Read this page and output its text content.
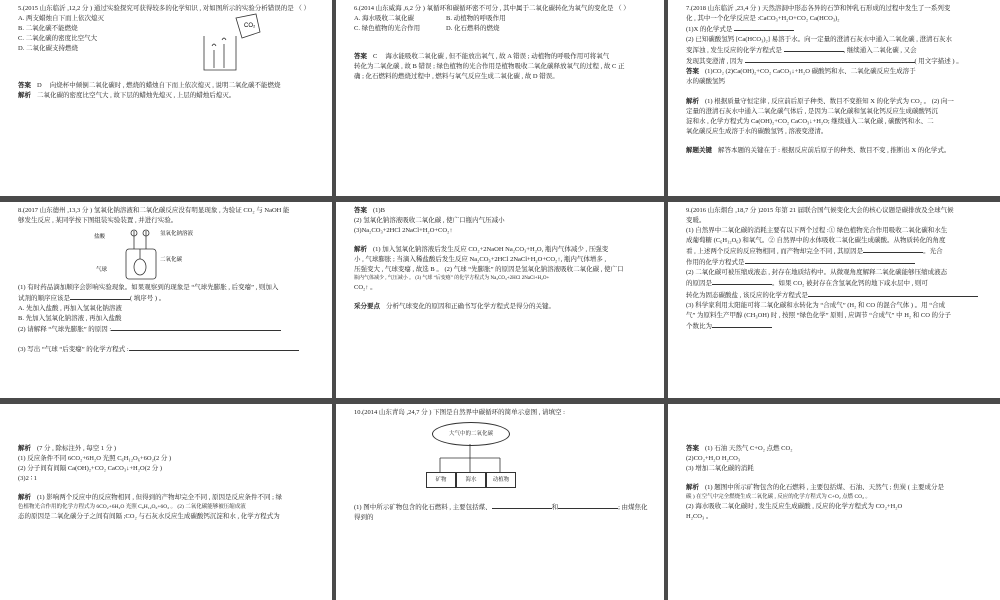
5.(2015 山东临沂 ,12,2 分 ) 通过实验探究可获得较多的化学知识 , 对如图所示的实验分析错误的是 （ ）

A. 两支蜡烛自下而上依次熄灭

B. 二氧化碳不能燃烧

C. 二氧化碳的密度比空气大

D. 二氧化碳支持燃烧

CO₂

答案 D 向烧杯中倾倒二氧化碳时 , 燃烧的蜡烛自下而上依次熄灭 , 说明二氧化碳不能燃烧

解析 二氧化碳的密度比空气大 , 故下层的蜡烛先熄灭 , 上层的蜡烛后熄灭。

6.(2014 山东威海 ,6,2 分 ) 氧循环和碳循环密不可分 , 其中属于二氧化碳转化为氧气的变化是 （ ）

A. 海水吸收二氧化碳	B. 动植物的呼吸作用

C. 绿色植物的光合作用	D. 化石燃料的燃烧

答案 C 海水能吸收二氧化碳 , 但不能放出氧气 , 故 A 错误 ; 动植物的呼吸作用可将氧气

转化为二氧化碳 , 故 B 错误 ; 绿色植物的光合作用是植物吸收二氧化碳释放氧气的过程 , 故 C 正

确 ; 化石燃料的燃烧过程中 , 燃料与氧气反应生成二氧化碳 , 故 D 错误。

7.(2018 山东临沂 ,23,4 分 ) 天然溶洞中形态各异的石笋和钟乳石形成的过程中发生了一系列变

化 , 其中一个化学反应是 :CaCO₃+H₂O+CO₂ Ca(HCO₃)₂

(1)X 的化学式是

(2) 已知碳酸氢钙 [Ca(HCO₃)₂] 易溶于水。向一定量的澄清石灰水中通入二氧化碳 , 澄清石灰水

变浑浊 , 发生反应的化学方程式是	, 继续通入二氧化碳 , 又会

发现其变澄清 , 因为	( 用文字描述 ) 。

答案 (1)CO₂ (2)Ca(OH)₂+CO₂ CaCO₃↓+H₂O 碳酸钙和水、二氧化碳反应生成溶于

水的碳酸氢钙

解析 (1) 根据质量守恒定律 , 反应前后原子种类、数目不变推知 X 的化学式为 CO₂ 。 (2) 向一

定量的澄清石灰水中通入二氧化碳气体后 , 是因为二氧化碳和氢氧化钙反应生成碳酸钙沉

淀和水 , 化学方程式为 Ca(OH)₂+CO₂ CaCO₃↓+H₂O; 继续通入二氧化碳 , 碳酸钙和水、二

氧化碳反应生成溶于水的碳酸氢钙 , 溶液变澄清。

解题关键 解答本题的关键在于 : 根据反应前后原子的种类、数目不变 , 推断出 X 的化学式。

8.(2017 山东德州 ,13,3 分 ) 氢氧化钠溶液和二氧化碳反应没有明显现象 , 为验证 CO₂ 与 NaOH 能

够发生反应 , 某同学按下图组装实验装置 , 并进行实验。

盐酸	氢氧化钠溶液
气球
二氧化碳

(1) 有时药品滴加顺序会影响实验现象。如果观察到的现象是 “气球先膨胀 , 后变瘪” , 则加入

试剂的顺序应该是	( 填序号 ) 。

A. 先加入盐酸 , 再加入氢氧化钠溶液

B. 先加入氢氧化钠溶液 , 再加入盐酸

(2) 请解释 “气球先膨胀” 的原因 :

(3) 写出 “气球 “后变瘪” 的化学方程式 :

答案 (1)B

(2) 氢氧化钠溶液吸收二氧化碳 , 使广口瓶内气压减小

(3)Na₂CO₃+2HCl 2NaCl+H₂O+CO₂↑

解析 (1) 加入氢氧化钠溶液后发生反应 CO₂+2NaOH Na₂CO₃+H₂O, 瓶内气体减少 , 压强变

小 , 气球膨胀 ; 当滴入稀盐酸后发生反应 Na₂CO₃+2HCl 2NaCl+H₂O+CO₂↑, 瓶内气体增多 ,

压强变大 , 气球变瘪 , 故选 B 。 (2) 气球 “先膨胀” 的原因是氢氧化钠溶液吸收二氧化碳 , 使广口

瓶内气体减少 , 气压减小 。 (3) 气球 “后变瘪” 的化学方程式为 Na₂CO₃+2HCl 2NaCl+H₂O+

CO₂↑ 。

采分要点 分析气球变化的原因和正确书写化学方程式是得分的关键。

9.(2016 山东烟台 ,18,7 分 )2015 年第 21 届联合国气候变化大会的核心议题是碳排放及全球气候

变暖。

(1) 自然界中二氧化碳的消耗主要有以下两个过程 :① 绿色植物光合作用吸收二氧化碳和水生

成葡萄糖 (C₆H₁₂O₆) 和氧气。② 自然界中的水体吸收二氧化碳生成碳酸。从物质转化的角度

看 , 上述两个反应的反应物相同 , 而产物却完全不同 , 其原因是	。光合

作用的化学方程式是

(2) 二氧化碳可被压缩成液态 , 封存在地质结构中。从微观角度解释二氧化碳能够压缩成液态

的原因是	。如果 CO₂ 被封存在含氢氧化钙的地下咸水层中 , 则可

转化为固态碳酸盐 , 该反应的化学方程式是

(3) 科学家利用太阳能可将二氧化碳和水转化为 “合成气” (H₂ 和 CO 的混合气体 ) 。用 “合成

气” 为原料生产甲醇 (CH₃OH) 时 , 按照 “绿色化学” 原则 , 应调节 “合成气” 中 H₂ 和 CO 的分子

个数比为

解析 (7 分 , 除标注外 , 每空 1 分 )

(1) 反应条件不同 6CO₂+6H₂O 光照 C₆H₁₂O₆+6O₂(2 分 )

(2) 分子间有间隔 Ca(OH)₂+CO₂ CaCO₃↓+H₂O(2 分 )

(3)2 ∶ 1

解析 (1) 影响两个反应中的反应物相同 , 但得到的产物却完全不同 , 原因是反应条件不同 ; 绿

色植物光合作用的化学方程式为 6CO₂+6H₂O 光照 C₆H₁₂O₆+6O₂ 。 (2) 二氧化碳能够被压缩成液

态的原因是二氧化碳分子之间有间隔 ;CO₂ 与石灰水反应生成碳酸钙沉淀和水 , 化学方程式为

10.(2014 山东青岛 ,24,7 分 ) 下图是自然界中碳循环的简单示意图 , 请填空 :

大气中的二氧化碳
矿物	海水	动植物

(1) 图中所示矿物包含的化石燃料 , 主要包括煤、	和	; 由煤焦化得到的

答案 (1) 石油 天然气 C+O₂ 点燃 CO₂

(2)CO₂+H₂O H₂CO₃

(3) 增加二氧化碳的消耗

解析 (1) 题图中所示矿物包含的化石燃料 , 主要包括煤、石油、天然气 ; 焦炭 ( 主要成分是

碳 ) 在空气中完全燃烧生成二氧化碳 , 反应的化学方程式为 C+O₂ 点燃 CO₂ 。

(2) 海水吸收二氧化碳时 , 发生反应生成碳酸 , 反应的化学方程式为 CO₂+H₂O

H₂CO₃ 。
